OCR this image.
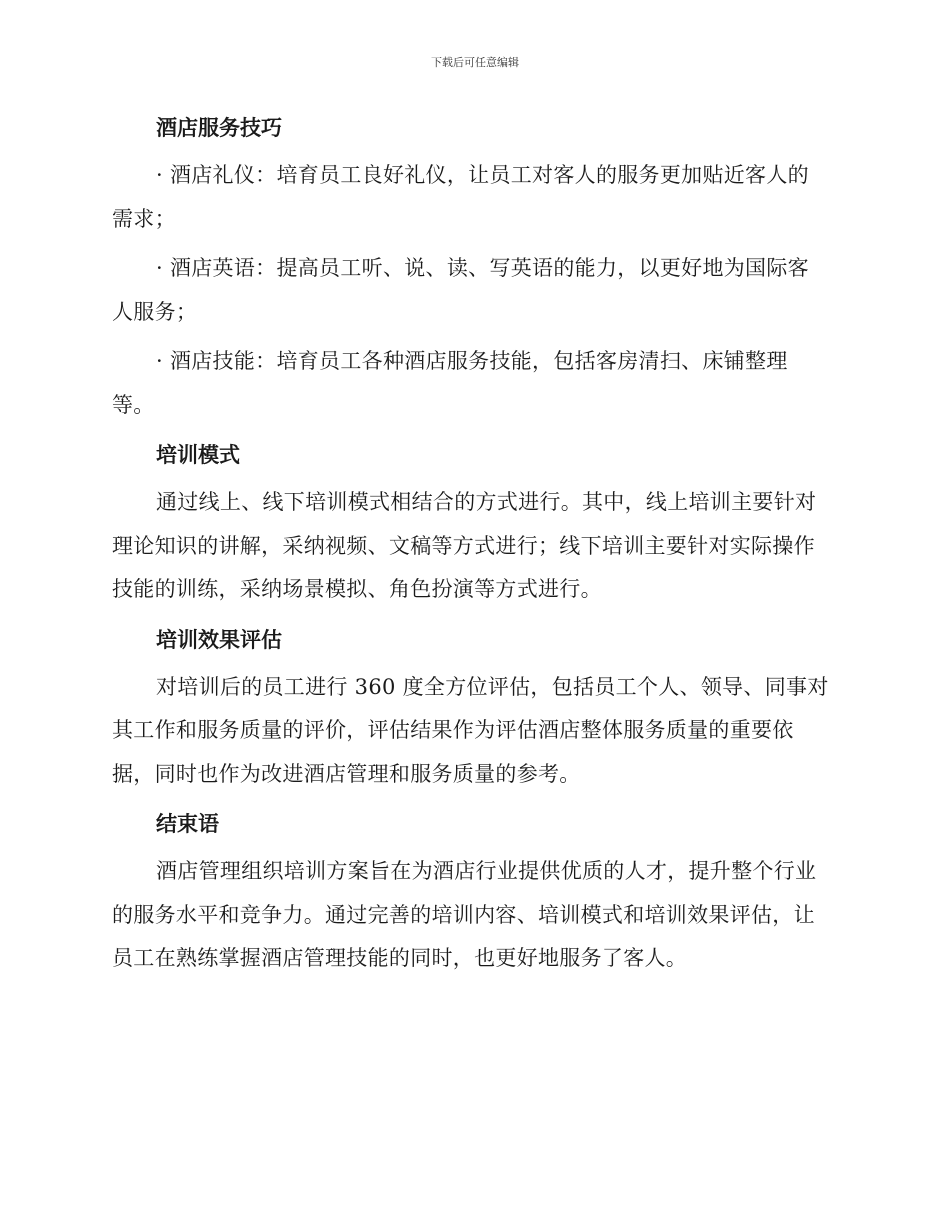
下载后可任意编辑
酒店服务技巧

· 酒店礼仪：培育员工良好礼仪，让员工对客人的服务更加贴近客人的需求；

· 酒店英语：提高员工听、说、读、写英语的能力，以更好地为国际客人服务；

· 酒店技能：培育员工各种酒店服务技能，包括客房清扫、床铺整理等。

培训模式

通过线上、线下培训模式相结合的方式进行。其中，线上培训主要针对理论知识的讲解，采纳视频、文稿等方式进行；线下培训主要针对实际操作技能的训练，采纳场景模拟、角色扮演等方式进行。

培训效果评估

对培训后的员工进行 360 度全方位评估，包括员工个人、领导、同事对其工作和服务质量的评价，评估结果作为评估酒店整体服务质量的重要依据，同时也作为改进酒店管理和服务质量的参考。

结束语

酒店管理组织培训方案旨在为酒店行业提供优质的人才，提升整个行业的服务水平和竞争力。通过完善的培训内容、培训模式和培训效果评估，让员工在熟练掌握酒店管理技能的同时，也更好地服务了客人。
